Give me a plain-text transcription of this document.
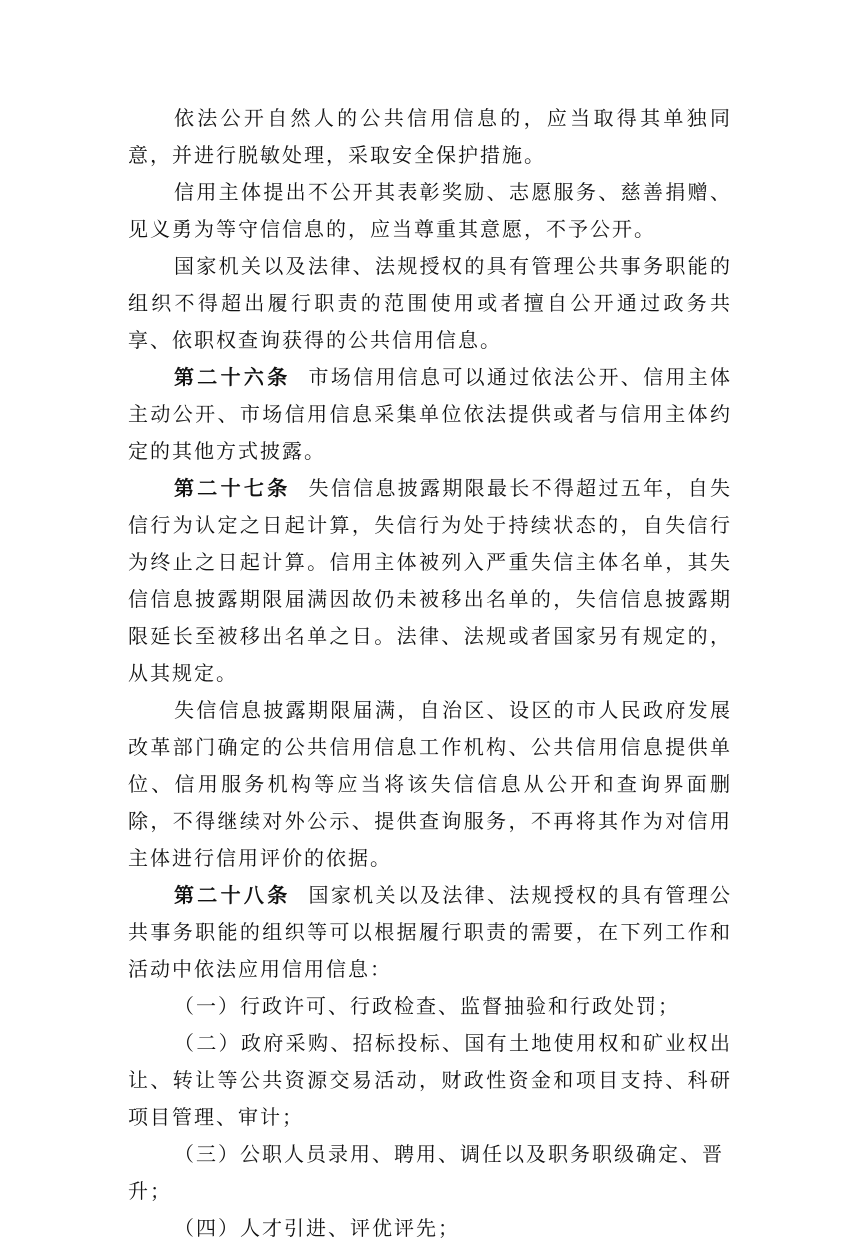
依法公开自然人的公共信用信息的，应当取得其单独同意，并进行脱敏处理，采取安全保护措施。

信用主体提出不公开其表彰奖励、志愿服务、慈善捐赠、见义勇为等守信信息的，应当尊重其意愿，不予公开。

国家机关以及法律、法规授权的具有管理公共事务职能的组织不得超出履行职责的范围使用或者擅自公开通过政务共享、依职权查询获得的公共信用信息。

第二十六条 市场信用信息可以通过依法公开、信用主体主动公开、市场信用信息采集单位依法提供或者与信用主体约定的其他方式披露。

第二十七条 失信信息披露期限最长不得超过五年，自失信行为认定之日起计算，失信行为处于持续状态的，自失信行为终止之日起计算。信用主体被列入严重失信主体名单，其失信信息披露期限届满因故仍未被移出名单的，失信信息披露期限延长至被移出名单之日。法律、法规或者国家另有规定的，从其规定。

失信信息披露期限届满，自治区、设区的市人民政府发展改革部门确定的公共信用信息工作机构、公共信用信息提供单位、信用服务机构等应当将该失信信息从公开和查询界面删除，不得继续对外公示、提供查询服务，不再将其作为对信用主体进行信用评价的依据。

第二十八条 国家机关以及法律、法规授权的具有管理公共事务职能的组织等可以根据履行职责的需要，在下列工作和活动中依法应用信用信息：

（一）行政许可、行政检查、监督抽验和行政处罚；

（二）政府采购、招标投标、国有土地使用权和矿业权出让、转让等公共资源交易活动，财政性资金和项目支持、科研项目管理、审计；

（三）公职人员录用、聘用、调任以及职务职级确定、晋升；

（四）人才引进、评优评先；
